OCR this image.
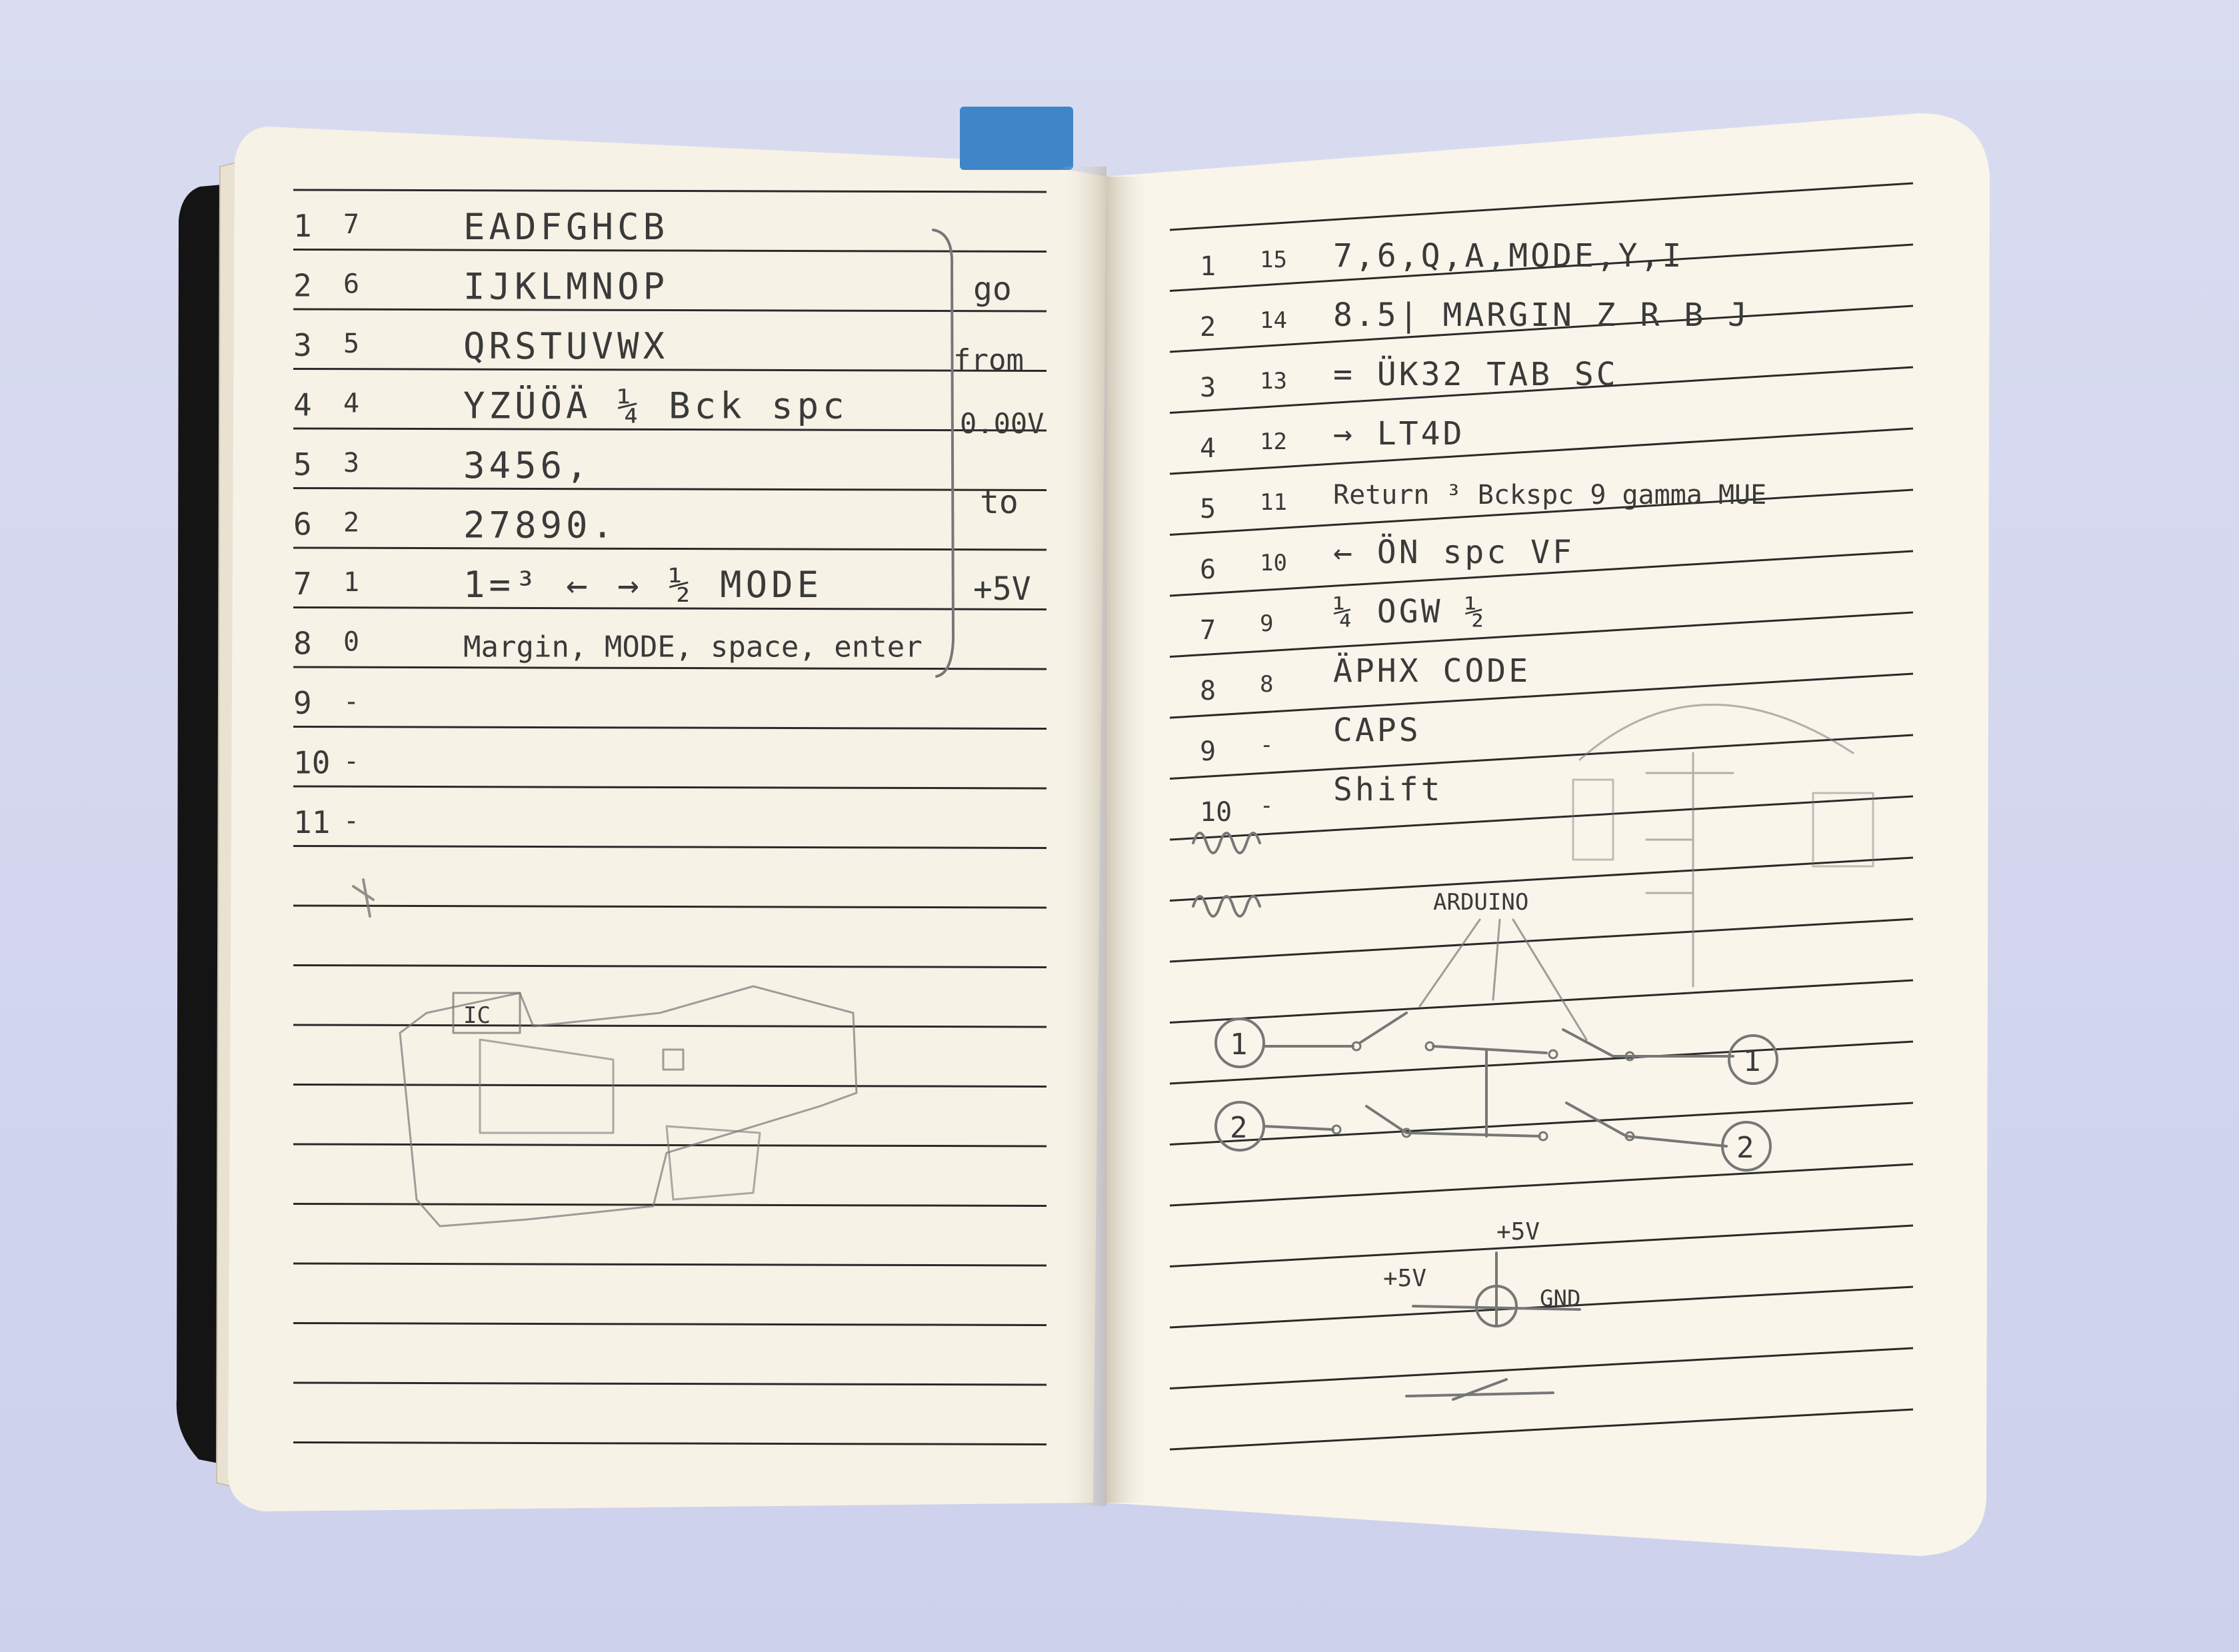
1 7	EADFGHCB
2 6	IJKLMNOP
3 5	QRSTUVWX
4 4	YZÜÖÄ ¼ Bck spc
5 3	3456,
6 2	27890.
7 1	1=³ ← → ½ MODE
8 0	Margin, MODE, space, enter
9 -
10 -
11 -
go
from
0.00V
to
+5V
IC
1 15 7,6,Q,A,MODE,Y,I
2 14 8.5| MARGIN Z R B J
3 13 = ÜK32 TAB SC
4 12 → LT4D
5 11 Return ³ Bckspc 9 gamma MUE
6 10 ← ÖN spc VF
7 9 ¼ OGW ½
8 8 ÄPHX CODE
9 - CAPS
10 - Shift
ARDUINO
1	1
2
2
+5V
+5V
GND
